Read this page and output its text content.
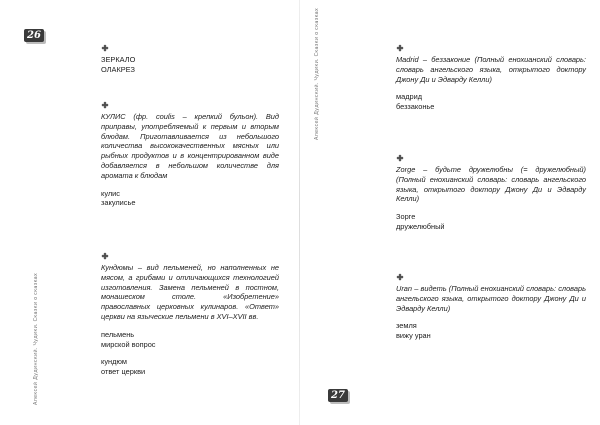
26
Алексей Дудинский. Чудики. Сказки о сказках
ЗЕРКАЛО
ОЛАКРЕЗ
КУЛИС (фр. coulis – крепкий бульон). Вид приправы, употребляемый к первым и вторым блюдам. Приготавливается из небольшого количества высококачественных мясных или рыбных продуктов и в концентрированном виде добавляется в небольшом количестве для аромата к блюдам
кулис
закулисье
Кундюмы – вид пельменей, но наполненных не мясом, а грибами и отличающихся технологией изготовления. Замена пельменей в постном, монашеском столе. «Изобретение» православных церковных кулинаров. «Ответ» церкви на языческие пельмени в XVI–XVII вв.
пельмень
мирской вопрос
кундюм
ответ церкви
Алексей Дудинский. Чудики. Сказки о сказках
27
Madrid – беззаконие (Полный енохианский словарь: словарь ангельского языка, открытого доктору Джону Ди и Эдварду Келли)
мадрид
беззаконье
Zorge – будьте дружелюбны (= дружелюбный) (Полный енохианский словарь: словарь ангельского языка, открытого доктору Джону Ди и Эдварду Келли)
Зорге
дружелюбный
Uran – видеть (Полный енохианский словарь: словарь ангельского языка, открытого доктору Джону Ди и Эдварду Келли)
земля
вижу уран
